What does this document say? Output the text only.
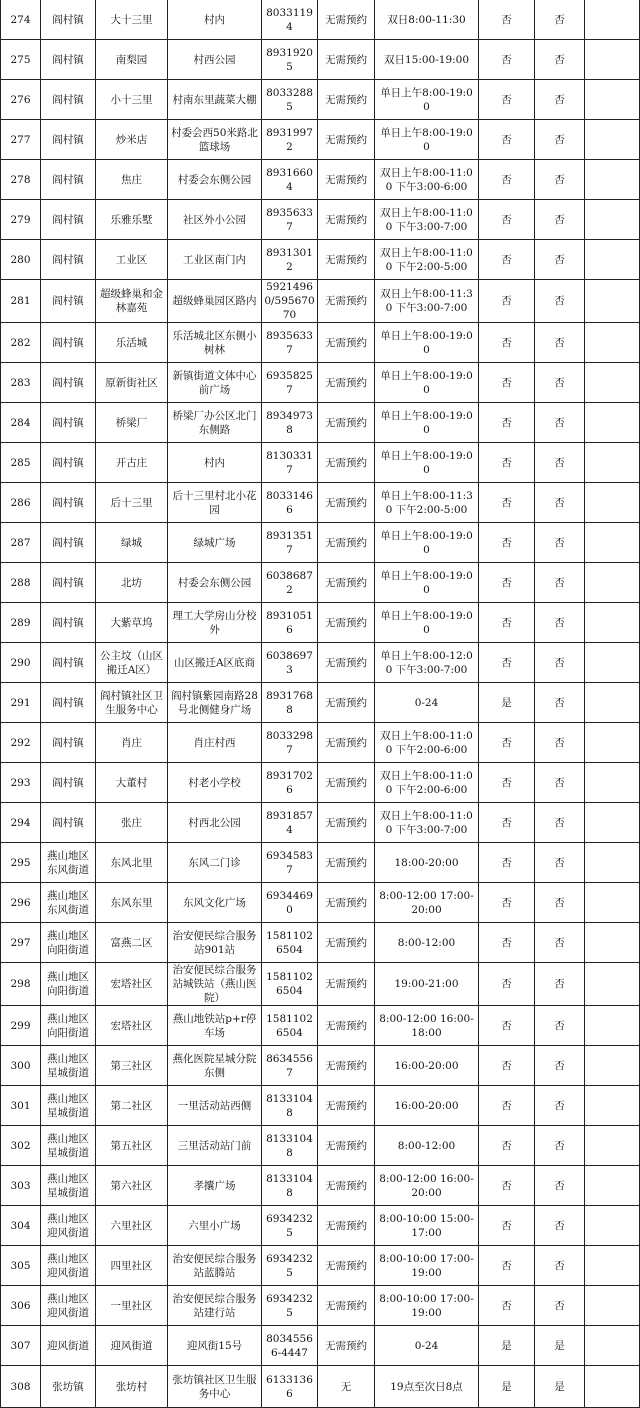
274	阎村镇	大十三里	村内	80331194	无需预约	双日8:00-11:30	否	否	
275	阎村镇	南梨园	村西公园	89319205	无需预约	双日15:00-19:00	否	否	
276	阎村镇	小十三里	村南东里蔬菜大棚	80332885	无需预约	单日上午8:00-19:00	否	否	
277	阎村镇	炒米店	村委会西50米路北篮球场	89319972	无需预约	单日上午8:00-19:00	否	否	
278	阎村镇	焦庄	村委会东侧公园	89316604	无需预约	双日上午8:00-11:00 下午3:00-6:00	否	否	
279	阎村镇	乐雅乐墅	社区外小公园	89356337	无需预约	双日上午8:00-11:00 下午3:00-7:00	否	否	
280	阎村镇	工业区	工业区南门内	89313012	无需预约	双日上午8:00-11:00 下午2:00-5:00	否	否	
281	阎村镇	超级蜂巢和金林嘉苑	超级蜂巢园区路内	59214960/59567070	无需预约	双日上午8:00-11:30 下午3:00-7:00	否	否	
282	阎村镇	乐活城	乐活城北区东侧小树林	89356337	无需预约	单日上午8:00-19:00	否	否	
283	阎村镇	原新街社区	新镇街道文体中心前广场	69358257	无需预约	单日上午8:00-19:00	否	否	
284	阎村镇	桥梁厂	桥梁厂办公区北门东侧路	89349738	无需预约	单日上午8:00-19:00	否	否	
285	阎村镇	开古庄	村内	81303317	无需预约	单日上午8:00-19:00	否	否	
286	阎村镇	后十三里	后十三里村北小花园	80331466	无需预约	单日上午8:00-11:30 下午2:00-5:00	否	否	
287	阎村镇	绿城	绿城广场	89313517	无需预约	单日上午8:00-19:00	否	否	
288	阎村镇	北坊	村委会东侧公园	60386872	无需预约	单日上午8:00-19:00	否	否	
289	阎村镇	大紫草坞	理工大学房山分校外	89310516	无需预约	单日上午8:00-19:00	否	否	
290	阎村镇	公主坟（山区搬迁A区）	山区搬迁A区底商	60386973	无需预约	单日上午8:00-12:00 下午3:00-7:00	否	否	
291	阎村镇	阎村镇社区卫生服务中心	阎村镇紫园南路28号北侧健身广场	89317688	无需预约	0-24	是	否	
292	阎村镇	肖庄	肖庄村西	80332987	无需预约	双日上午8:00-11:00 下午2:00-6:00	否	否	
293	阎村镇	大董村	村老小学校	89317026	无需预约	双日上午8:00-11:00 下午2:00-6:00	否	否	
294	阎村镇	张庄	村西北公园	89318574	无需预约	双日上午8:00-11:00 下午3:00-7:00	否	否	
295	燕山地区东风街道	东风北里	东风二门诊	69345837	无需预约	18:00-20:00	否	否	
296	燕山地区东风街道	东风东里	东风文化广场	69344690	无需预约	8:00-12:00 17:00-20:00	否	否	
297	燕山地区向阳街道	富燕二区	治安便民综合服务站901站	15811026504	无需预约	8:00-12:00	否	否	
298	燕山地区向阳街道	宏塔社区	治安便民综合服务站城铁站（燕山医院）	15811026504	无需预约	19:00-21:00	否	否	
299	燕山地区向阳街道	宏塔社区	燕山地铁站p+r停车场	15811026504	无需预约	8:00-12:00 16:00-18:00	否	否	
300	燕山地区星城街道	第三社区	燕化医院星城分院东侧	86345567	无需预约	16:00-20:00	否	否	
301	燕山地区星城街道	第二社区	一里活动站西侧	81331048	无需预约	16:00-20:00	否	否	
302	燕山地区星城街道	第五社区	三里活动站门前	81331048	无需预约	8:00-12:00	否	否	
303	燕山地区星城街道	第六社区	孝攮广场	81331048	无需预约	8:00-12:00 16:00-20:00	否	否	
304	燕山地区迎风街道	六里社区	六里小广场	69342325	无需预约	8:00-10:00 15:00-17:00	否	否	
305	燕山地区迎风街道	四里社区	治安便民综合服务站蓝腾站	69342325	无需预约	8:00-10:00 17:00-19:00	否	否	
306	燕山地区迎风街道	一里社区	治安便民综合服务站建行站	69342325	无需预约	8:00-10:00 17:00-19:00	否	否	
307	迎风街道	迎风街道	迎风街15号	80345566-4447	无需预约	0-24	是	是	
308	张坊镇	张坊村	张坊镇社区卫生服务中心	61331366	无	19点至次日8点	是	是	
